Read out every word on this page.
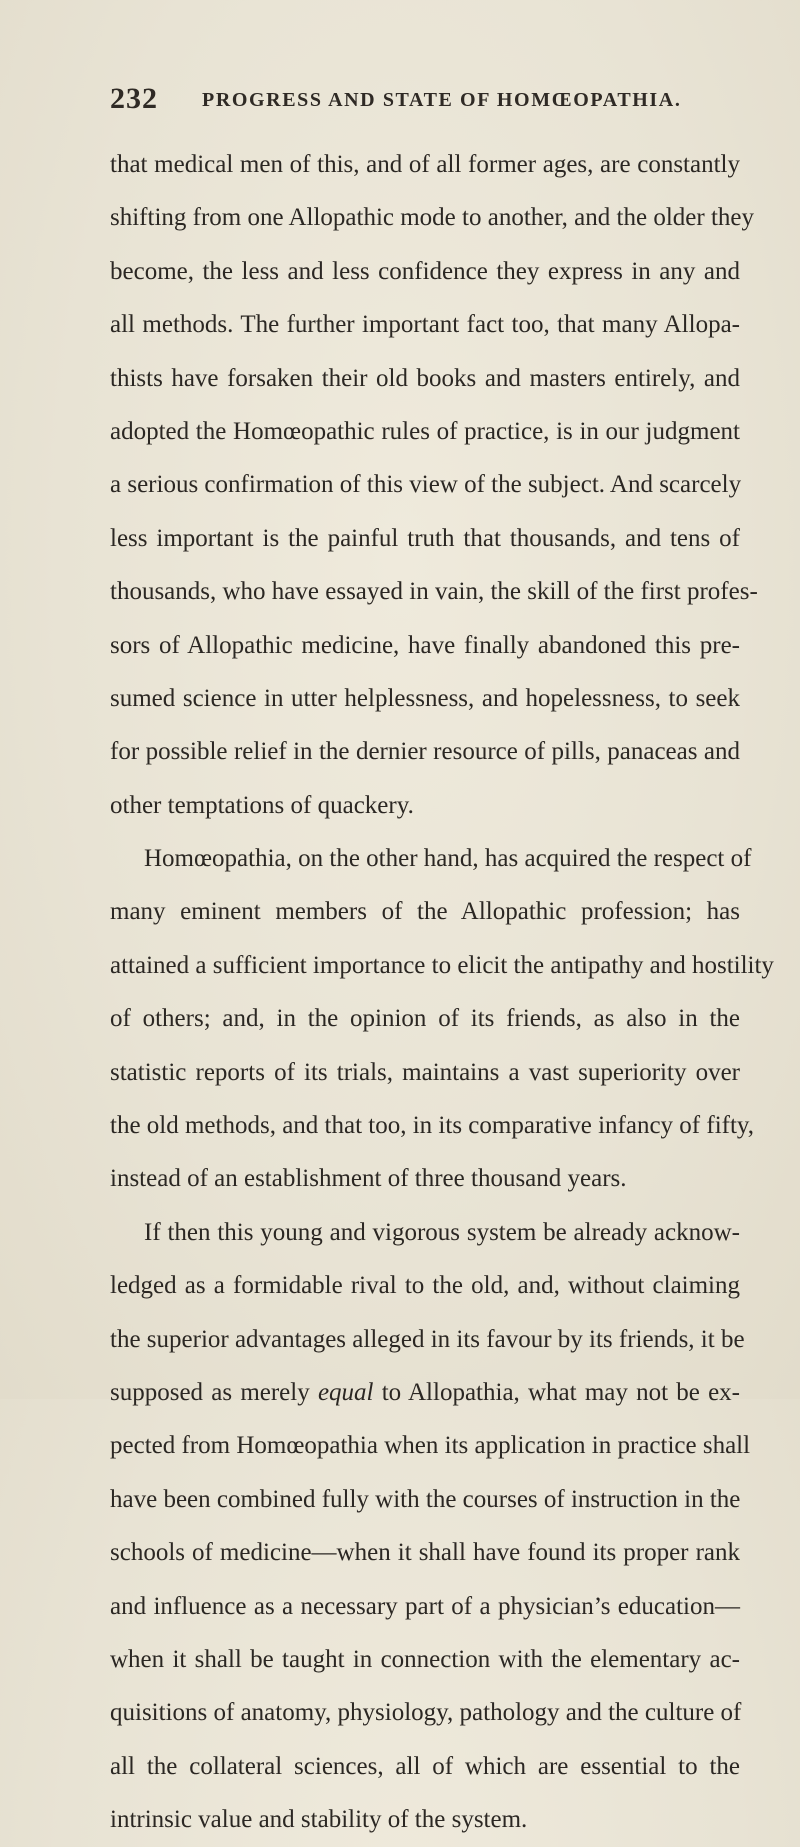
232 PROGRESS AND STATE OF HOMŒOPATHIA.
that medical men of this, and of all former ages, are constantly
shifting from one Allopathic mode to another, and the older they
become, the less and less confidence they express in any and
all methods. The further important fact too, that many Allopa-
thists have forsaken their old books and masters entirely, and
adopted the Homœopathic rules of practice, is in our judgment
a serious confirmation of this view of the subject. And scarcely
less important is the painful truth that thousands, and tens of
thousands, who have essayed in vain, the skill of the first profes-
sors of Allopathic medicine, have finally abandoned this pre-
sumed science in utter helplessness, and hopelessness, to seek
for possible relief in the dernier resource of pills, panaceas and
other temptations of quackery.
Homœopathia, on the other hand, has acquired the respect of
many eminent members of the Allopathic profession; has
attained a sufficient importance to elicit the antipathy and hostility
of others; and, in the opinion of its friends, as also in the
statistic reports of its trials, maintains a vast superiority over
the old methods, and that too, in its comparative infancy of fifty,
instead of an establishment of three thousand years.
If then this young and vigorous system be already acknow-
ledged as a formidable rival to the old, and, without claiming
the superior advantages alleged in its favour by its friends, it be
supposed as merely equal to Allopathia, what may not be ex-
pected from Homœopathia when its application in practice shall
have been combined fully with the courses of instruction in the
schools of medicine—when it shall have found its proper rank
and influence as a necessary part of a physician’s education—
when it shall be taught in connection with the elementary ac-
quisitions of anatomy, physiology, pathology and the culture of
all the collateral sciences, all of which are essential to the
intrinsic value and stability of the system.
